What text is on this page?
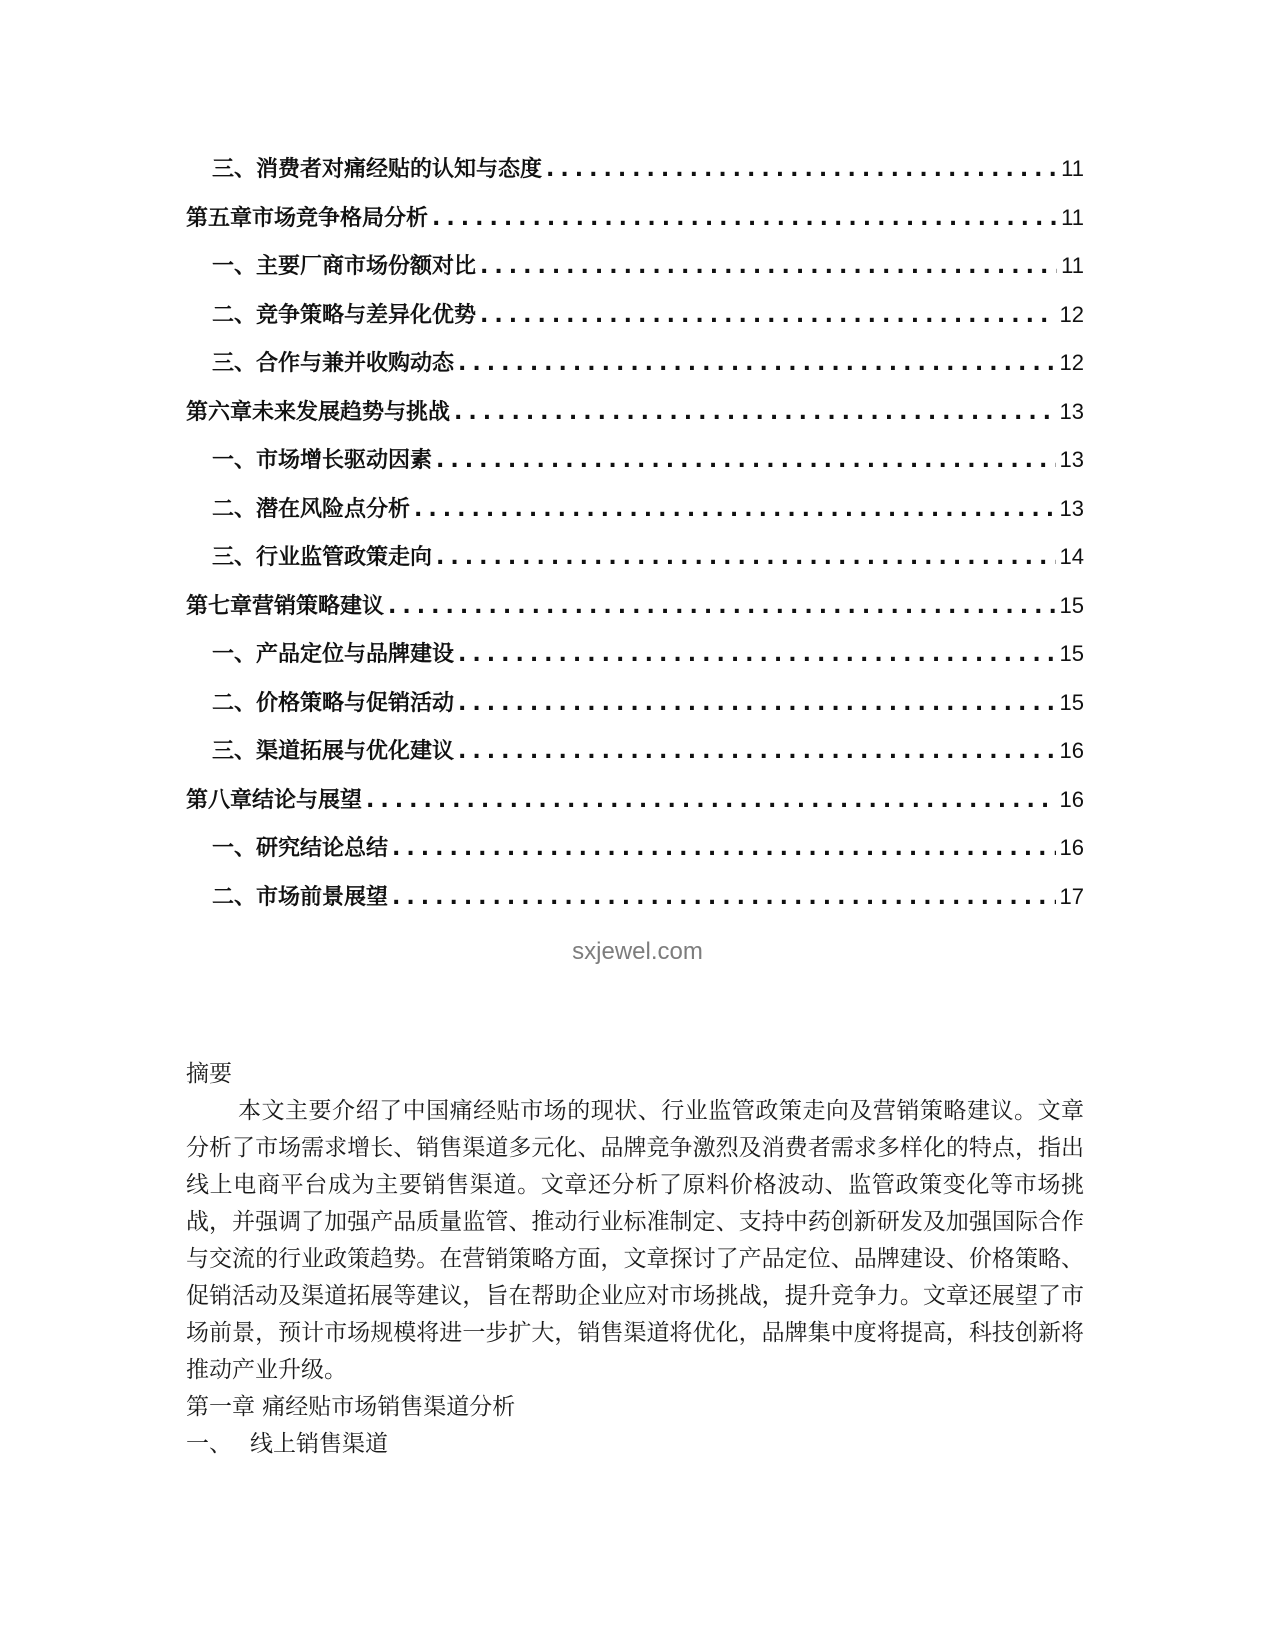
三、 消费者对痛经贴的认知与态度 .....	11
第五章 市场竞争格局分析 .....	11
一、 主要厂商市场份额对比 .....	11
二、 竞争策略与差异化优势 .....	12
三、 合作与兼并收购动态 .....	12
第六章 未来发展趋势与挑战 .....	13
一、 市场增长驱动因素 .....	13
二、 潜在风险点分析 .....	13
三、 行业监管政策走向 .....	14
第七章 营销策略建议 .....	15
一、 产品定位与品牌建设 .....	15
二、 价格策略与促销活动 .....	15
三、 渠道拓展与优化建议 .....	16
第八章 结论与展望 .....	16
一、 研究结论总结 .....	16
二、 市场前景展望 .....	17
sxjewel.com
摘要
本文主要介绍了中国痛经贴市场的现状、行业监管政策走向及营销策略建议。文章分析了市场需求增长、销售渠道多元化、品牌竞争激烈及消费者需求多样化的特点，指出线上电商平台成为主要销售渠道。文章还分析了原料价格波动、监管政策变化等市场挑战，并强调了加强产品质量监管、推动行业标准制定、支持中药创新研发及加强国际合作与交流的行业政策趋势。在营销策略方面，文章探讨了产品定位、品牌建设、价格策略、促销活动及渠道拓展等建议，旨在帮助企业应对市场挑战，提升竞争力。文章还展望了市场前景，预计市场规模将进一步扩大，销售渠道将优化，品牌集中度将提高，科技创新将推动产业升级。
第一章 痛经贴市场销售渠道分析
一、 线上销售渠道
